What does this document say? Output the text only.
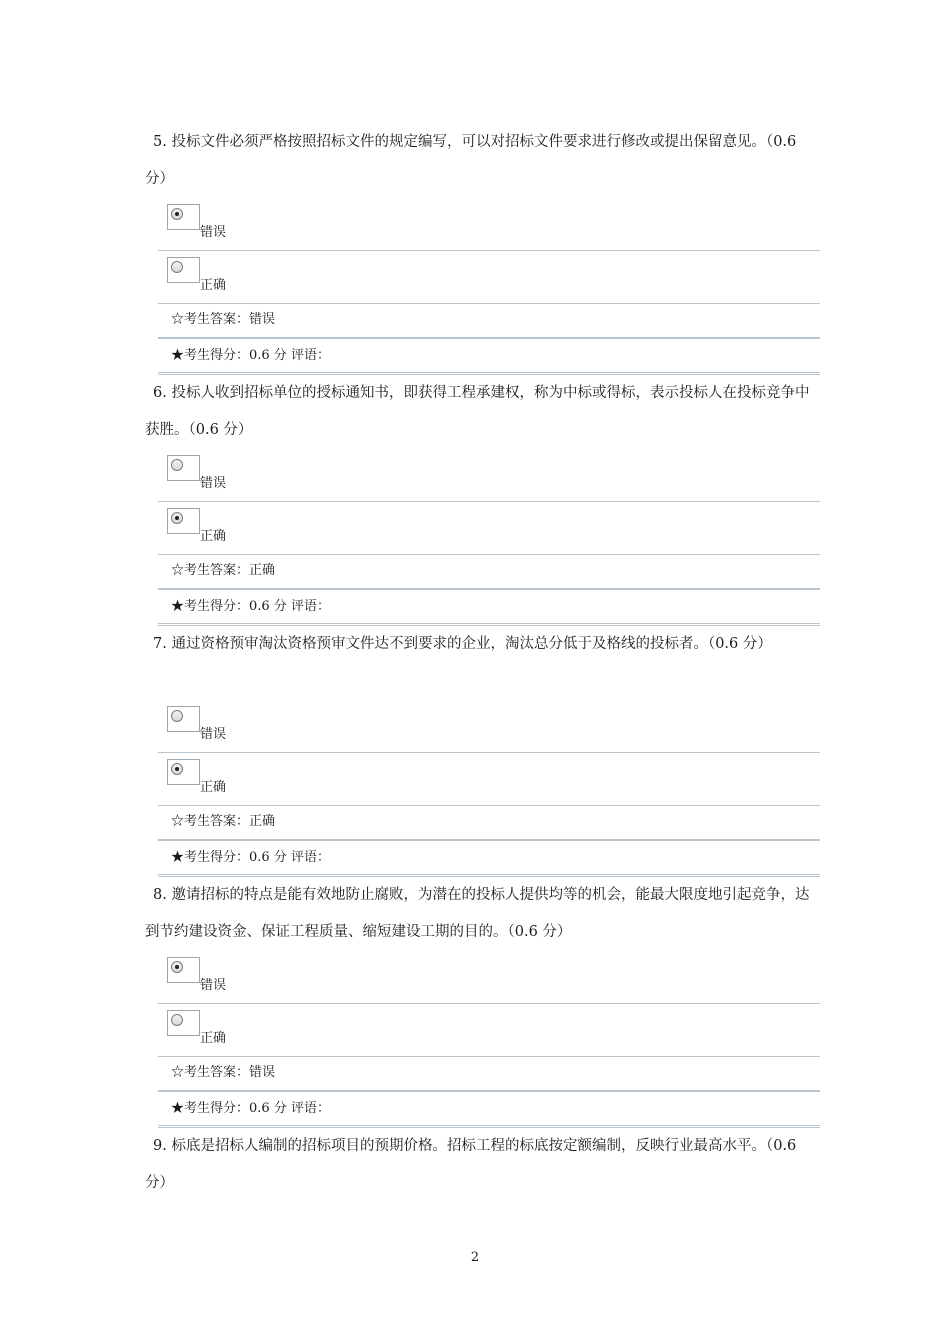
5. 投标文件必须严格按照招标文件的规定编写，可以对招标文件要求进行修改或提出保留意见。（0.6 分）
错误
正确
☆考生答案：错误
★考生得分：0.6 分 评语：
6. 投标人收到招标单位的授标通知书，即获得工程承建权，称为中标或得标，表示投标人在投标竞争中获胜。（0.6 分）
错误
正确
☆考生答案：正确
★考生得分：0.6 分 评语：
7. 通过资格预审淘汰资格预审文件达不到要求的企业，淘汰总分低于及格线的投标者。（0.6 分）
错误
正确
☆考生答案：正确
★考生得分：0.6 分 评语：
8. 邀请招标的特点是能有效地防止腐败，为潜在的投标人提供均等的机会，能最大限度地引起竞争，达到节约建设资金、保证工程质量、缩短建设工期的目的。（0.6 分）
错误
正确
☆考生答案：错误
★考生得分：0.6 分 评语：
9. 标底是招标人编制的招标项目的预期价格。招标工程的标底按定额编制，反映行业最高水平。（0.6 分）
2
